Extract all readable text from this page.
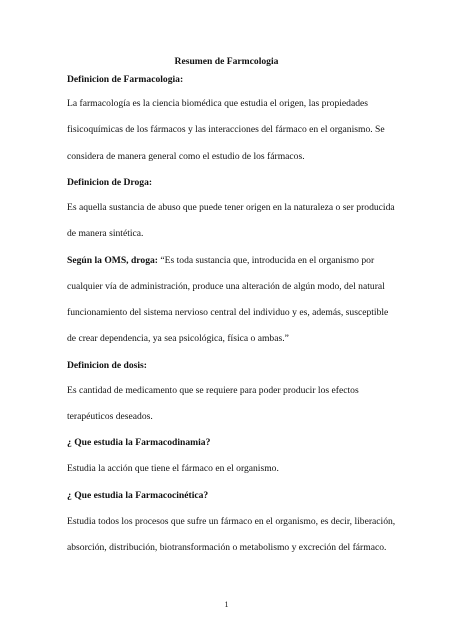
Resumen de Farmcologia
Definicion de Farmacologia:
La farmacología es la ciencia biomédica que estudia el origen, las propiedades
fisicoquímicas de los fármacos y las interacciones del fármaco en el organismo. Se
considera de manera general como el estudio de los fármacos.
Definicion de Droga:
Es aquella sustancia de abuso que puede tener origen en la naturaleza o ser producida
de manera sintética.
Según la OMS, droga: “Es toda sustancia que, introducida en el organismo por
cualquier vía de administración, produce una alteración de algún modo, del natural
funcionamiento del sistema nervioso central del individuo y es, además, susceptible
de crear dependencia, ya sea psicológica, física o ambas.”
Definicion de dosis:
Es cantidad de medicamento que se requiere para poder producir los efectos
terapéuticos deseados.
¿ Que estudia la Farmacodinamia?
Estudia la acción que tiene el fármaco en el organismo.
¿ Que estudia la Farmacocinética?
Estudia todos los procesos que sufre un fármaco en el organismo, es decir, liberación,
absorción, distribución, biotransformación o metabolismo y excreción del fármaco.
1
